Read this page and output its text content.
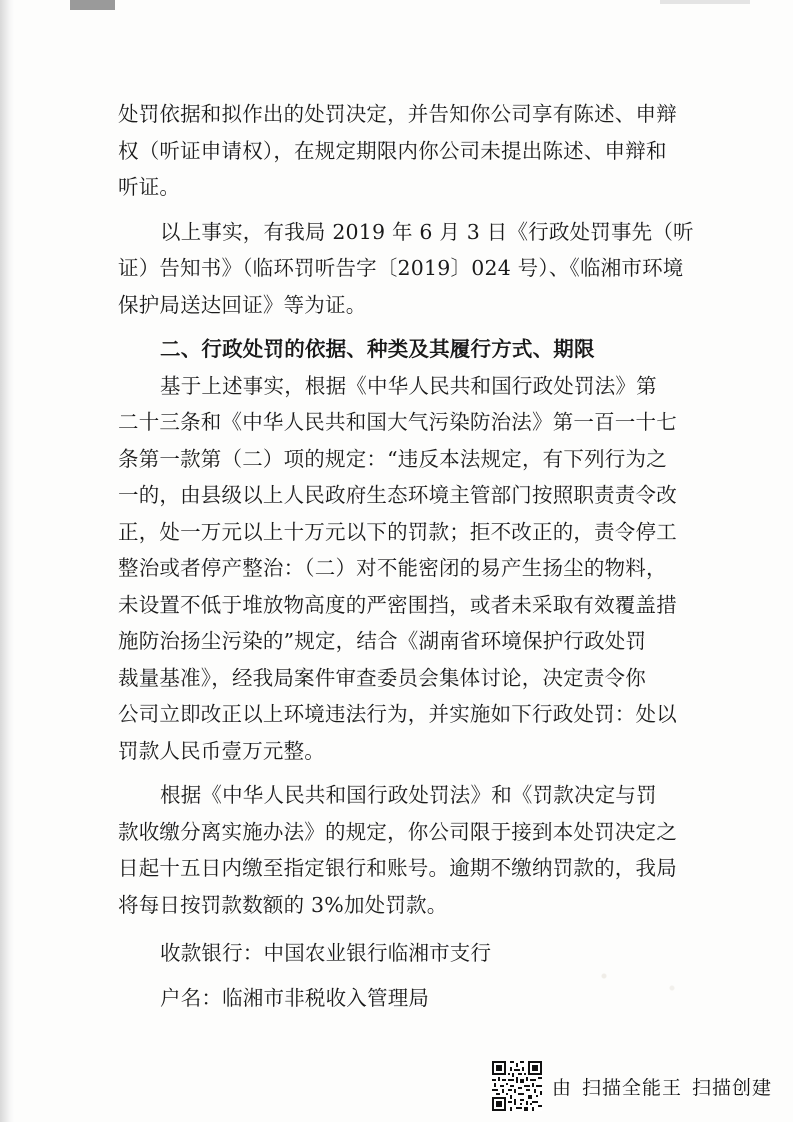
处罚依据和拟作出的处罚决定，并告知你公司享有陈述、申辩
权（听证申请权），在规定期限内你公司未提出陈述、申辩和
听证。
以上事实，有我局 2019 年 6 月 3 日《行政处罚事先（听
证）告知书》（临环罚听告字〔2019〕024 号）、《临湘市环境
保护局送达回证》等为证。
二、行政处罚的依据、种类及其履行方式、期限
基于上述事实，根据《中华人民共和国行政处罚法》第
二十三条和《中华人民共和国大气污染防治法》第一百一十七
条第一款第（二）项的规定：“违反本法规定，有下列行为之
一的，由县级以上人民政府生态环境主管部门按照职责责令改
正，处一万元以上十万元以下的罚款；拒不改正的，责令停工
整治或者停产整治：（二）对不能密闭的易产生扬尘的物料，
未设置不低于堆放物高度的严密围挡，或者未采取有效覆盖措
施防治扬尘污染的”规定，结合《湖南省环境保护行政处罚
裁量基准》，经我局案件审查委员会集体讨论，决定责令你
公司立即改正以上环境违法行为，并实施如下行政处罚：处以
罚款人民币壹万元整。
根据《中华人民共和国行政处罚法》和《罚款决定与罚
款收缴分离实施办法》的规定，你公司限于接到本处罚决定之
日起十五日内缴至指定银行和账号。逾期不缴纳罚款的，我局
将每日按罚款数额的 3%加处罚款。
收款银行：中国农业银行临湘市支行
户名：临湘市非税收入管理局
由 扫描全能王 扫描创建
